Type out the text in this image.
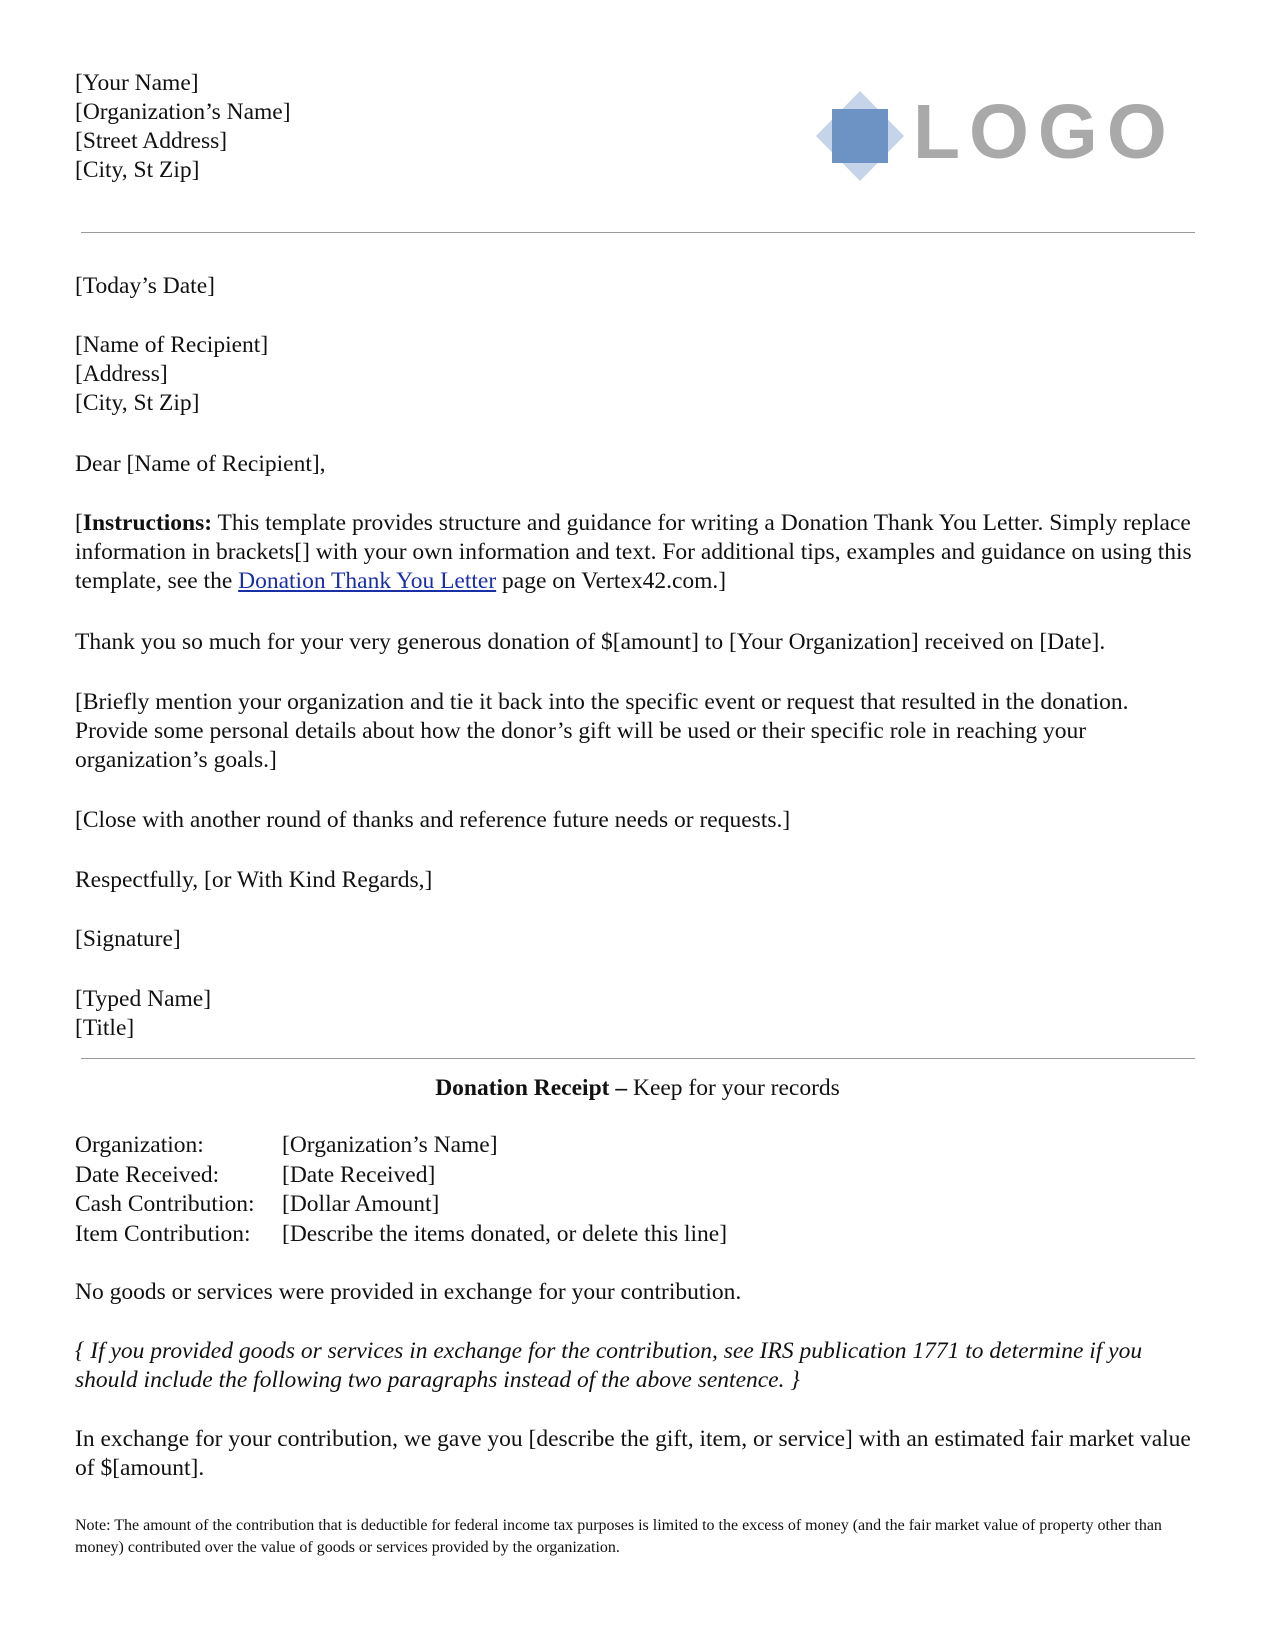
[Your Name]
[Organization’s Name]
[Street Address]
[City, St Zip]	LOGO
[Today’s Date]
[Name of Recipient]
[Address]
[City, St Zip]
Dear [Name of Recipient],
[Instructions: This template provides structure and guidance for writing a Donation Thank You Letter. Simply replace information in brackets[] with your own information and text. For additional tips, examples and guidance on using this template, see the Donation Thank You Letter page on Vertex42.com.]
Thank you so much for your very generous donation of $[amount] to [Your Organization] received on [Date].
[Briefly mention your organization and tie it back into the specific event or request that resulted in the donation. Provide some personal details about how the donor’s gift will be used or their specific role in reaching your organization’s goals.]
[Close with another round of thanks and reference future needs or requests.]
Respectfully, [or With Kind Regards,]
[Signature]
[Typed Name]
[Title]
Donation Receipt – Keep for your records
Organization:	[Organization’s Name]
Date Received:	[Date Received]
Cash Contribution:	[Dollar Amount]
Item Contribution:	[Describe the items donated, or delete this line]
No goods or services were provided in exchange for your contribution.
{ If you provided goods or services in exchange for the contribution, see IRS publication 1771 to determine if you should include the following two paragraphs instead of the above sentence. }
In exchange for your contribution, we gave you [describe the gift, item, or service] with an estimated fair market value of $[amount].
Note: The amount of the contribution that is deductible for federal income tax purposes is limited to the excess of money (and the fair market value of property other than money) contributed over the value of goods or services provided by the organization.
